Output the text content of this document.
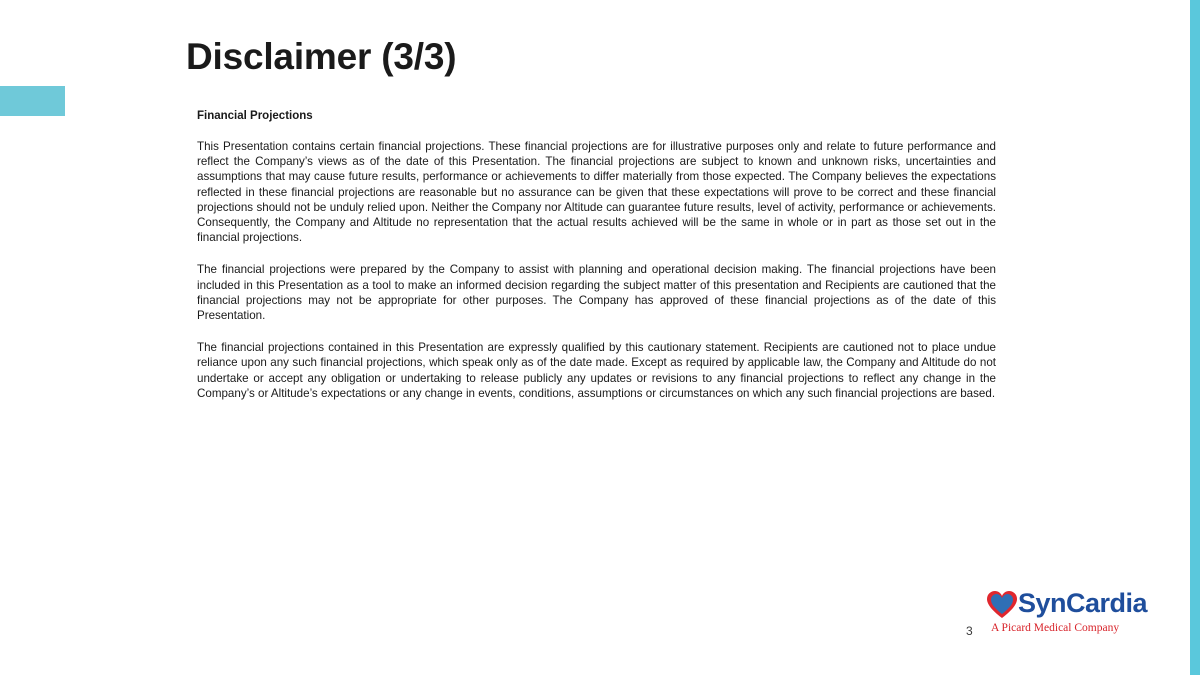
Disclaimer (3/3)
Financial Projections

This Presentation contains certain financial projections. These financial projections are for illustrative purposes only and relate to future performance and reflect the Company’s views as of the date of this Presentation. The financial projections are subject to known and unknown risks, uncertainties and assumptions that may cause future results, performance or achievements to differ materially from those expected. The Company believes the expectations reflected in these financial projections are reasonable but no assurance can be given that these expectations will prove to be correct and these financial projections should not be unduly relied upon. Neither the Company nor Altitude can guarantee future results, level of activity, performance or achievements. Consequently, the Company and Altitude no representation that the actual results achieved will be the same in whole or in part as those set out in the financial projections.

The financial projections were prepared by the Company to assist with planning and operational decision making. The financial projections have been included in this Presentation as a tool to make an informed decision regarding the subject matter of this presentation and Recipients are cautioned that the financial projections may not be appropriate for other purposes. The Company has approved of these financial projections as of the date of this Presentation.

The financial projections contained in this Presentation are expressly qualified by this cautionary statement. Recipients are cautioned not to place undue reliance upon any such financial projections, which speak only as of the date made. Except as required by applicable law, the Company and Altitude do not undertake or accept any obligation or undertaking to release publicly any updates or revisions to any financial projections to reflect any change in the Company’s or Altitude’s expectations or any change in events, conditions, assumptions or circumstances on which any such financial projections are based.

3
SynCardia
A Picard Medical Company
